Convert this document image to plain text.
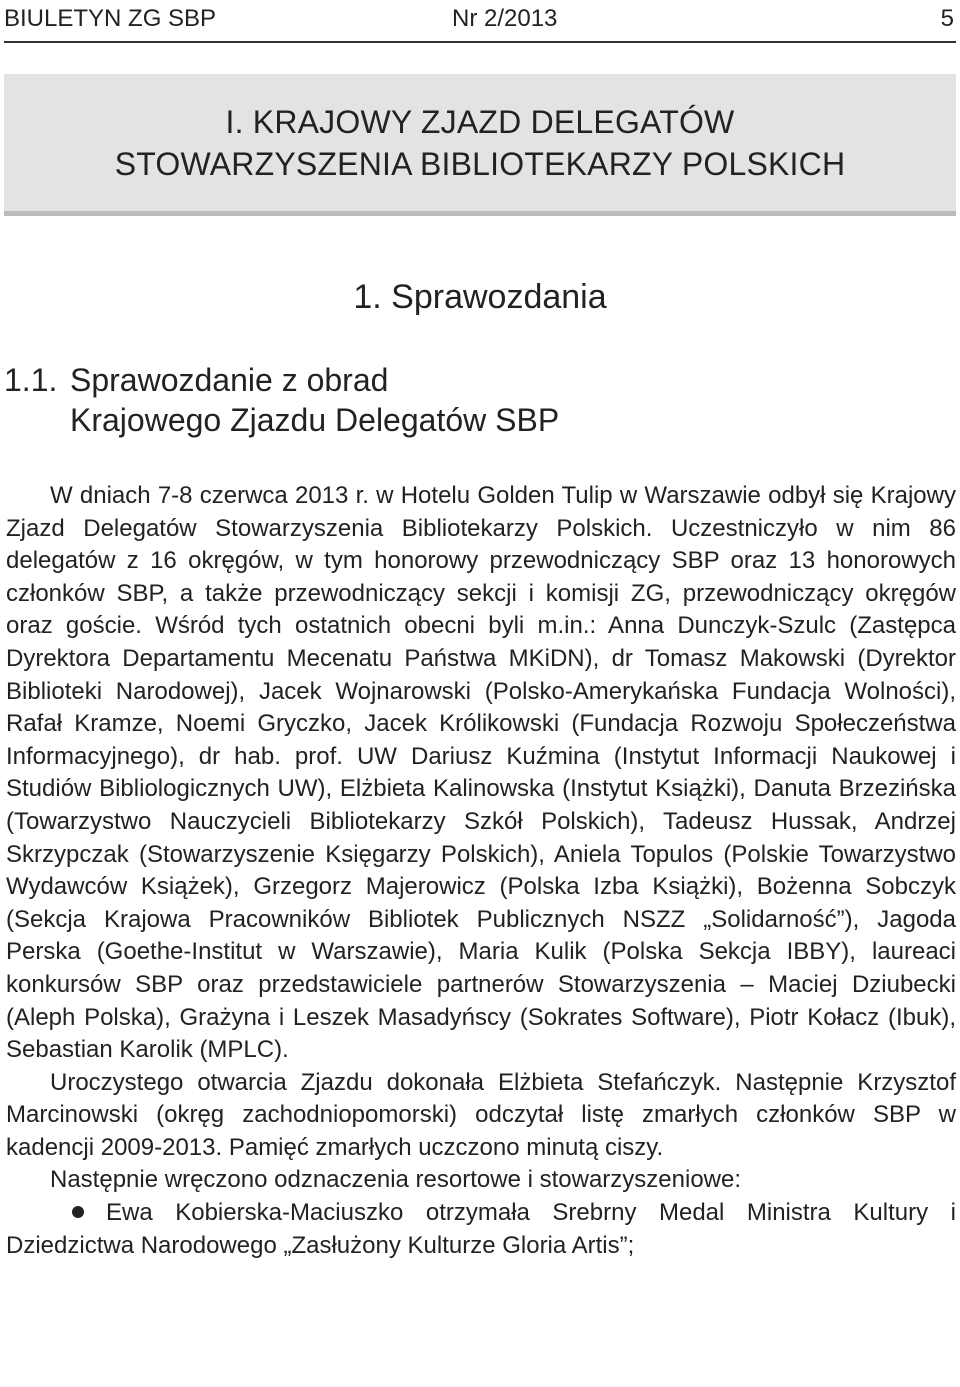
BIULETYN ZG SBP	Nr 2/2013	5
I. KRAJOWY ZJAZD DELEGATÓW
STOWARZYSZENIA BIBLIOTEKARZY POLSKICH
1. Sprawozdania
1.1. Sprawozdanie z obrad
Krajowego Zjazdu Delegatów SBP

W dniach 7-8 czerwca 2013 r. w Hotelu Golden Tulip w Warszawie odbył się Krajowy Zjazd Delegatów Stowarzyszenia Bibliotekarzy Polskich. Uczestniczyło w nim 86 delegatów z 16 okręgów, w tym honorowy przewodniczący SBP oraz 13 honorowych członków SBP, a także przewodniczący sekcji i komisji ZG, przewodniczący okręgów oraz goście. Wśród tych ostatnich obecni byli m.in.: Anna Dunczyk-Szulc (Zastępca Dyrektora Departamentu Mecenatu Państwa MKiDN), dr Tomasz Makowski (Dyrektor Biblioteki Narodowej), Jacek Wojnarowski (Polsko-Amerykańska Fundacja Wolności), Rafał Kramze, Noemi Gryczko, Jacek Królikowski (Fundacja Rozwoju Społeczeństwa Informacyjnego), dr hab. prof. UW Dariusz Kuźmina (Instytut Informacji Naukowej i Studiów Bibliologicznych UW), Elżbieta Kalinowska (Instytut Książki), Danuta Brzezińska (Towarzystwo Nauczycieli Bibliotekarzy Szkół Polskich), Tadeusz Hussak, Andrzej Skrzypczak (Stowarzyszenie Księgarzy Polskich), Aniela Topulos (Polskie Towarzystwo Wydawców Książek), Grzegorz Majerowicz (Polska Izba Książki), Bożenna Sobczyk (Sekcja Krajowa Pracowników Bibliotek Publicznych NSZZ „Solidarność”), Jagoda Perska (Goethe-Institut w Warszawie), Maria Kulik (Polska Sekcja IBBY), laureaci konkursów SBP oraz przedstawiciele partnerów Stowarzyszenia – Maciej Dziubecki (Aleph Polska), Grażyna i Leszek Masadyńscy (Sokrates Software), Piotr Kołacz (Ibuk), Sebastian Karolik (MPLC).

Uroczystego otwarcia Zjazdu dokonała Elżbieta Stefańczyk. Następnie Krzysztof Marcinowski (okręg zachodniopomorski) odczytał listę zmarłych członków SBP w kadencji 2009-2013. Pamięć zmarłych uczczono minutą ciszy.

Następnie wręczono odznaczenia resortowe i stowarzyszeniowe:

Ewa Kobierska-Maciuszko otrzymała Srebrny Medal Ministra Kultury i Dziedzictwa Narodowego „Zasłużony Kulturze Gloria Artis”;
